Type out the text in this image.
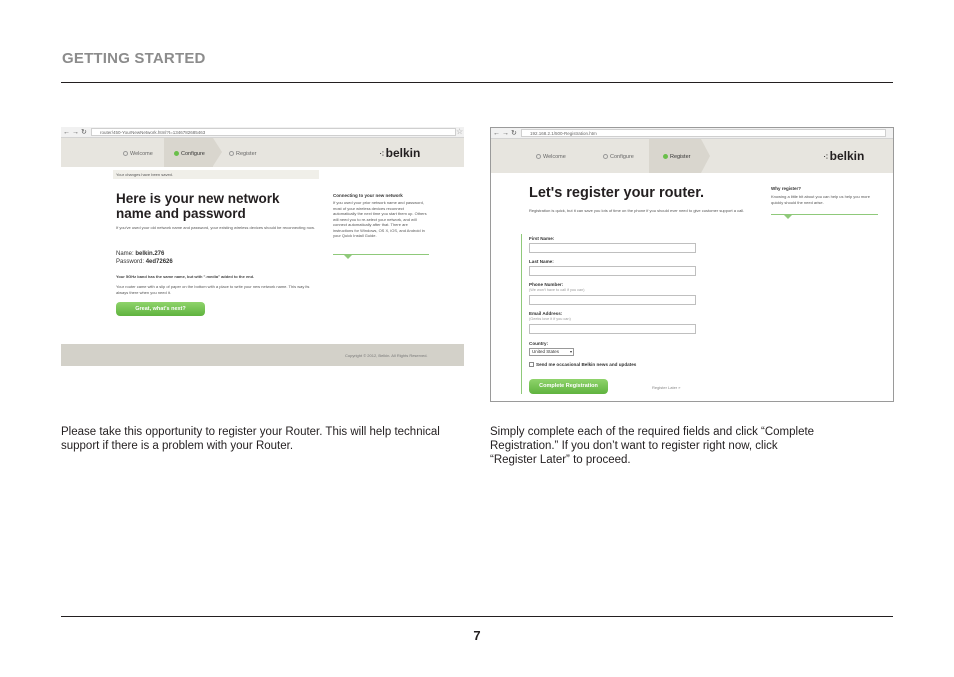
GETTING STARTED
← → ↻	router/450-YourNewNetwork.html?t=1346782685463	☆
Welcome	Configure	Register	⁖ belkin
Your changes have been saved.
Here is your new network name and password
If you've used your old network name and password, your existing wireless devices should be reconnecting now.
Name: belkin.276
Password: 4ed72626
Your 5GHz band has the same name, but with ".media" added to the end.
Your router came with a slip of paper on the bottom with a place to write your new network name. This way its always there when you need it.
Great, what's next?
Connecting to your new network
If you used your prior network name and password, most of your wireless devices reconnect automatically the next time you start them up. Others will need you to re-select your network, and will connect automatically after that. There are instructions for Windows, OS X, iOS, and Android in your Quick Install Guide.
Copyright © 2012, Belkin. All Rights Reserved.
← → ↻	192.168.2.1/500-Registration.htm
Welcome	Configure	Register	⁖ belkin
Let's register your router.
Registration is quick, but it can save you lots of time on the phone if you should ever need to give customer support a call.
First Name:
Last Name:
Phone Number:
(We won't have to call if you can)
Email Address:
(Geeks love it if you can)
Country:
United States	▾
Send me occasional Belkin news and updates
Complete Registration	Register Later »
Why register?
Knowing a little bit about you can help us help you more quickly should the need arise.
Please take this opportunity to register your Router. This will help technical support if there is a problem with your Router.
Simply complete each of the required fields and click “Complete Registration.” If you don’t want to register right now, click “Register Later” to proceed.
7
